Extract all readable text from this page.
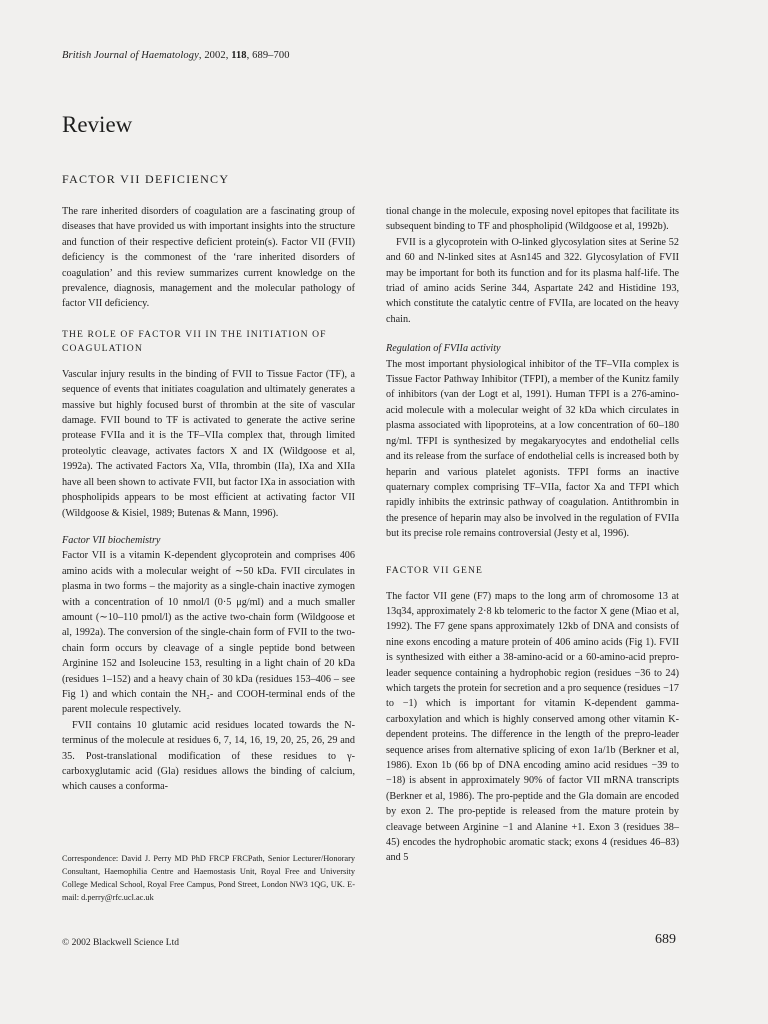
British Journal of Haematology, 2002, 118, 689–700
Review
FACTOR VII DEFICIENCY

The rare inherited disorders of coagulation are a fascinating group of diseases that have provided us with important insights into the structure and function of their respective deficient protein(s). Factor VII (FVII) deficiency is the commonest of the ‘rare inherited disorders of coagulation’ and this review summarizes current knowledge on the prevalence, diagnosis, management and the molecular pathology of factor VII deficiency.

THE ROLE OF FACTOR VII IN THE INITIATION OF COAGULATION

Vascular injury results in the binding of FVII to Tissue Factor (TF), a sequence of events that initiates coagulation and ultimately generates a massive but highly focused burst of thrombin at the site of vascular damage. FVII bound to TF is activated to generate the active serine protease FVIIa and it is the TF–VIIa complex that, through limited proteolytic cleavage, activates factors X and IX (Wildgoose et al, 1992a). The activated Factors Xa, VIIa, thrombin (IIa), IXa and XIIa have all been shown to activate FVII, but factor IXa in association with phospholipids appears to be most efficient at activating factor VII (Wildgoose & Kisiel, 1989; Butenas & Mann, 1996).

Factor VII biochemistry

Factor VII is a vitamin K-dependent glycoprotein and comprises 406 amino acids with a molecular weight of ∼50 kDa. FVII circulates in plasma in two forms – the majority as a single-chain inactive zymogen with a concentration of 10 nmol/l (0·5 μg/ml) and a much smaller amount (∼10–110 pmol/l) as the active two-chain form (Wildgoose et al, 1992a). The conversion of the single-chain form of FVII to the two-chain form occurs by cleavage of a single peptide bond between Arginine 152 and Isoleucine 153, resulting in a light chain of 20 kDa (residues 1–152) and a heavy chain of 30 kDa (residues 153–406 – see Fig 1) and which contain the NH₂- and COOH-terminal ends of the parent molecule respectively.

FVII contains 10 glutamic acid residues located towards the N-terminus of the molecule at residues 6, 7, 14, 16, 19, 20, 25, 26, 29 and 35. Post-translational modification of these residues to γ-carboxyglutamic acid (Gla) residues allows the binding of calcium, which causes a conforma-

Correspondence: David J. Perry MD PhD FRCP FRCPath, Senior Lecturer/Honorary Consultant, Haemophilia Centre and Haemostasis Unit, Royal Free and University College Medical School, Royal Free Campus, Pond Street, London NW3 1QG, UK. E-mail: d.perry@rfc.ucl.ac.uk

tional change in the molecule, exposing novel epitopes that facilitate its subsequent binding to TF and phospholipid (Wildgoose et al, 1992b).

FVII is a glycoprotein with O-linked glycosylation sites at Serine 52 and 60 and N-linked sites at Asn145 and 322. Glycosylation of FVII may be important for both its function and for its plasma half-life. The triad of amino acids Serine 344, Aspartate 242 and Histidine 193, which constitute the catalytic centre of FVIIa, are located on the heavy chain.

Regulation of FVIIa activity

The most important physiological inhibitor of the TF–VIIa complex is Tissue Factor Pathway Inhibitor (TFPI), a member of the Kunitz family of inhibitors (van der Logt et al, 1991). Human TFPI is a 276-amino-acid molecule with a molecular weight of 32 kDa which circulates in plasma associated with lipoproteins, at a low concentration of 60–180 ng/ml. TFPI is synthesized by megakaryocytes and endothelial cells and its release from the surface of endothelial cells is increased both by heparin and various platelet agonists. TFPI forms an inactive quaternary complex comprising TF–VIIa, factor Xa and TFPI which rapidly inhibits the extrinsic pathway of coagulation. Antithrombin in the presence of heparin may also be involved in the regulation of FVIIa but its precise role remains controversial (Jesty et al, 1996).

FACTOR VII GENE

The factor VII gene (F7) maps to the long arm of chromosome 13 at 13q34, approximately 2·8 kb telomeric to the factor X gene (Miao et al, 1992). The F7 gene spans approximately 12kb of DNA and consists of nine exons encoding a mature protein of 406 amino acids (Fig 1). FVII is synthesized with either a 38-amino-acid or a 60-amino-acid prepro-leader sequence containing a hydrophobic region (residues −36 to 24) which targets the protein for secretion and a pro sequence (residues −17 to −1) which is important for vitamin K-dependent gamma-carboxylation and which is highly conserved among other vitamin K-dependent proteins. The difference in the length of the prepro-leader sequence arises from alternative splicing of exon 1a/1b (Berkner et al, 1986). Exon 1b (66 bp of DNA encoding amino acid residues −39 to −18) is absent in approximately 90% of factor VII mRNA transcripts (Berkner et al, 1986). The pro-peptide and the Gla domain are encoded by exon 2. The pro-peptide is released from the mature protein by cleavage between Arginine −1 and Alanine +1. Exon 3 (residues 38–45) encodes the hydrophobic aromatic stack; exons 4 (residues 46–83) and 5

© 2002 Blackwell Science Ltd	689
